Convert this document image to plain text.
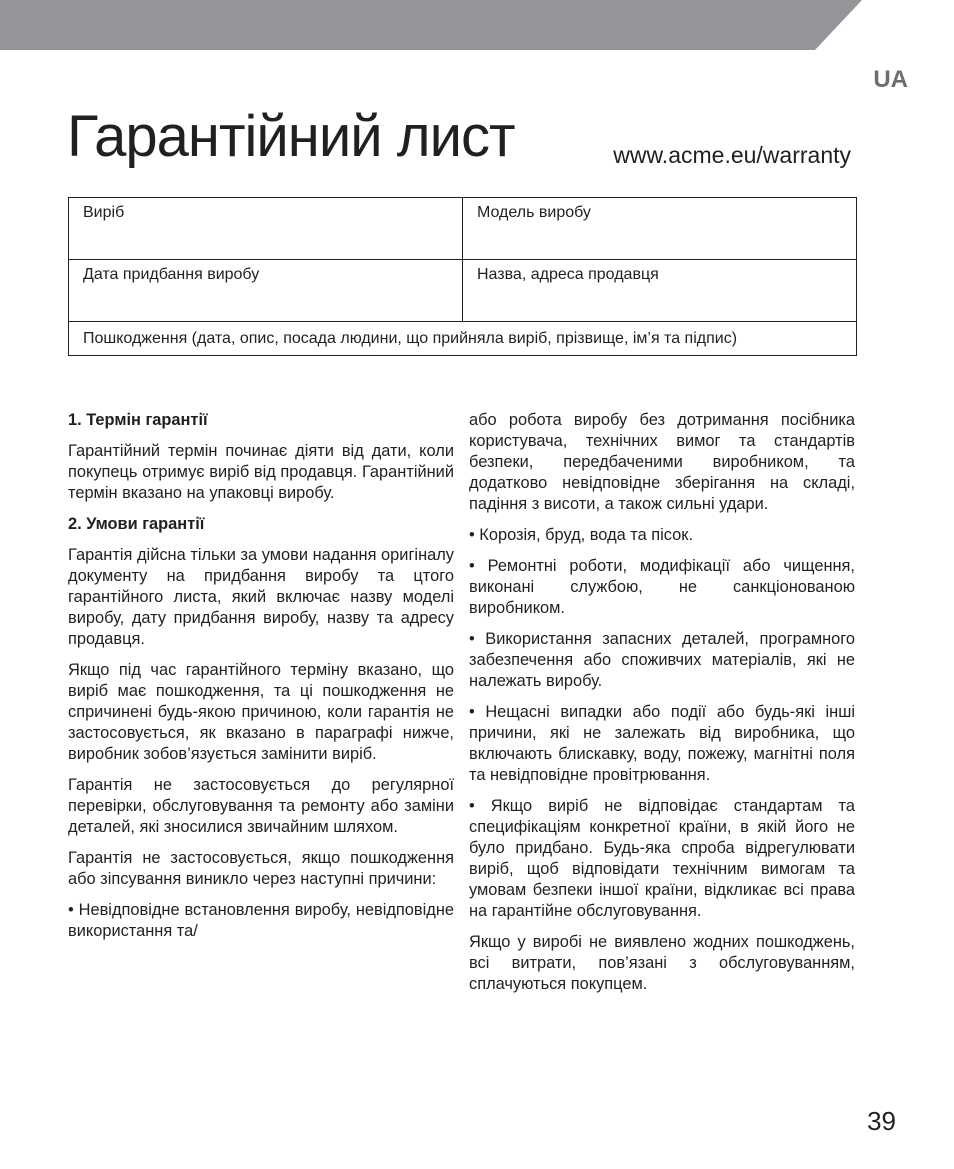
UA
Гарантійний лист	www.acme.eu/warranty
Виріб	Модель виробу
Дата придбання виробу	Назва, адреса продавця
Пошкодження (дата, опис, посада людини, що прийняла виріб, прізвище, ім’я та підпис)	
1. Термін гарантії

Гарантійний термін починає діяти від дати, коли покупець отримує виріб від продавця. Гарантійний термін вказано на упаковці виробу.

2. Умови гарантії

Гарантія дійсна тільки за умови надання оригіналу документу на придбання виробу та цтого гарантійного листа, який включає назву моделі виробу, дату придбання виробу, назву та адресу продавця.

Якщо під час гарантійного терміну вказано, що виріб має пошкодження, та ці пошкодження не спричинені будь-якою причиною, коли гарантія не застосовується, як вказано в параграфі нижче, виробник зобов’язується замінити виріб.

Гарантія не застосовується до регулярної перевірки, обслуговування та ремонту або заміни деталей, які зносилися звичайним шляхом.

Гарантія не застосовується, якщо пошкодження або зіпсування виникло через наступні причини:

• Невідповідне встановлення виробу, невідповідне використання та/

або робота виробу без дотримання посібника користувача, технічних вимог та стандартів безпеки, передбаченими виробником, та додатково невідповідне зберігання на складі, падіння з висоти, а також сильні удари.

• Корозія, бруд, вода та пісок.

• Ремонтні роботи, модифікації або чищення, виконані службою, не санкціонованою виробником.

• Використання запасних деталей, програмного забезпечення або споживчих матеріалів, які не належать виробу.

• Нещасні випадки або події або будь-які інші причини, які не залежать від виробника, що включають блискавку, воду, пожежу, магнітні поля та невідповідне провітрювання.

• Якщо виріб не відповідає стандартам та специфікаціям конкретної країни, в якій його не було придбано. Будь-яка спроба відрегулювати виріб, щоб відповідати технічним вимогам та умовам безпеки іншої країни, відкликає всі права на гарантійне обслуговування.

Якщо у виробі не виявлено жодних пошкоджень, всі витрати, пов’язані з обслуговуванням, сплачуються покупцем.

39
